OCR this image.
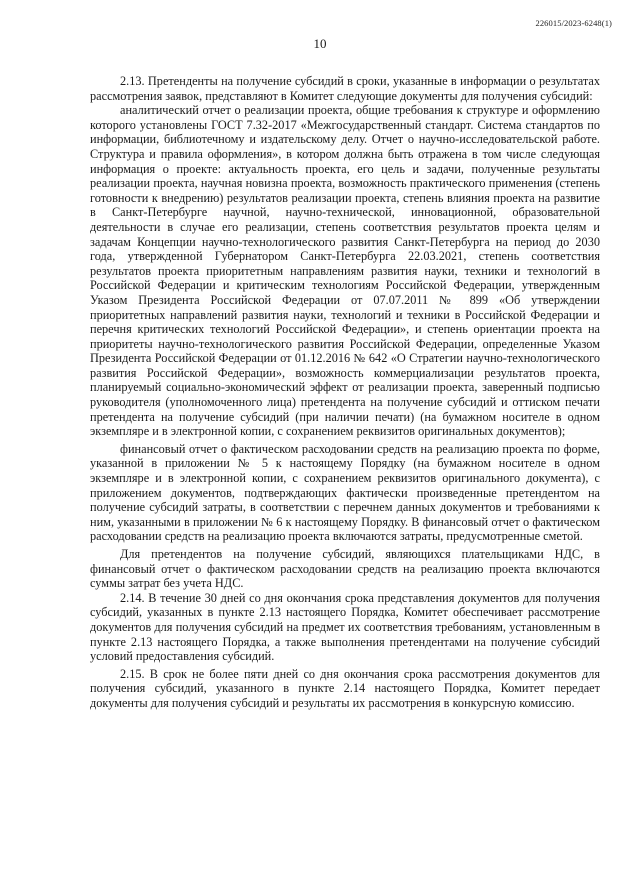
226015/2023-6248(1)
10

2.13. Претенденты на получение субсидий в сроки, указанные в информации о результатах рассмотрения заявок, представляют в Комитет следующие документы для получения субсидий:

аналитический отчет о реализации проекта, общие требования к структуре и оформлению которого установлены ГОСТ 7.32-2017 «Межгосударственный стандарт. Система стандартов по информации, библиотечному и издательскому делу. Отчет о научно-исследовательской работе. Структура и правила оформления», в котором должна быть отражена в том числе следующая информация о проекте: актуальность проекта, его цель и задачи, полученные результаты реализации проекта, научная новизна проекта, возможность практического применения (степень готовности к внедрению) результатов реализации проекта, степень влияния проекта на развитие в Санкт-Петербурге научной, научно-технической, инновационной, образовательной деятельности в случае его реализации, степень соответствия результатов проекта целям и задачам Концепции научно-технологического развития Санкт-Петербурга на период до 2030 года, утвержденной Губернатором Санкт-Петербурга 22.03.2021, степень соответствия результатов проекта приоритетным направлениям развития науки, техники и технологий в Российской Федерации и критическим технологиям Российской Федерации, утвержденным Указом Президента Российской Федерации от 07.07.2011 № 899 «Об утверждении приоритетных направлений развития науки, технологий и техники в Российской Федерации и перечня критических технологий Российской Федерации», и степень ориентации проекта на приоритеты научно-технологического развития Российской Федерации, определенные Указом Президента Российской Федерации от 01.12.2016 № 642 «О Стратегии научно-технологического развития Российской Федерации», возможность коммерциализации результатов проекта, планируемый социально-экономический эффект от реализации проекта, заверенный подписью руководителя (уполномоченного лица) претендента на получение субсидий и оттиском печати претендента на получение субсидий (при наличии печати) (на бумажном носителе в одном экземпляре и в электронной копии, с сохранением реквизитов оригинальных документов);

финансовый отчет о фактическом расходовании средств на реализацию проекта по форме, указанной в приложении № 5 к настоящему Порядку (на бумажном носителе в одном экземпляре и в электронной копии, с сохранением реквизитов оригинального документа), с приложением документов, подтверждающих фактически произведенные претендентом на получение субсидий затраты, в соответствии с перечнем данных документов и требованиями к ним, указанными в приложении № 6 к настоящему Порядку. В финансовый отчет о фактическом расходовании средств на реализацию проекта включаются затраты, предусмотренные сметой.

Для претендентов на получение субсидий, являющихся плательщиками НДС, в финансовый отчет о фактическом расходовании средств на реализацию проекта включаются суммы затрат без учета НДС.

2.14. В течение 30 дней со дня окончания срока представления документов для получения субсидий, указанных в пункте 2.13 настоящего Порядка, Комитет обеспечивает рассмотрение документов для получения субсидий на предмет их соответствия требованиям, установленным в пункте 2.13 настоящего Порядка, а также выполнения претендентами на получение субсидий условий предоставления субсидий.

2.15. В срок не более пяти дней со дня окончания срока рассмотрения документов для получения субсидий, указанного в пункте 2.14 настоящего Порядка, Комитет передает документы для получения субсидий и результаты их рассмотрения в конкурсную комиссию.
